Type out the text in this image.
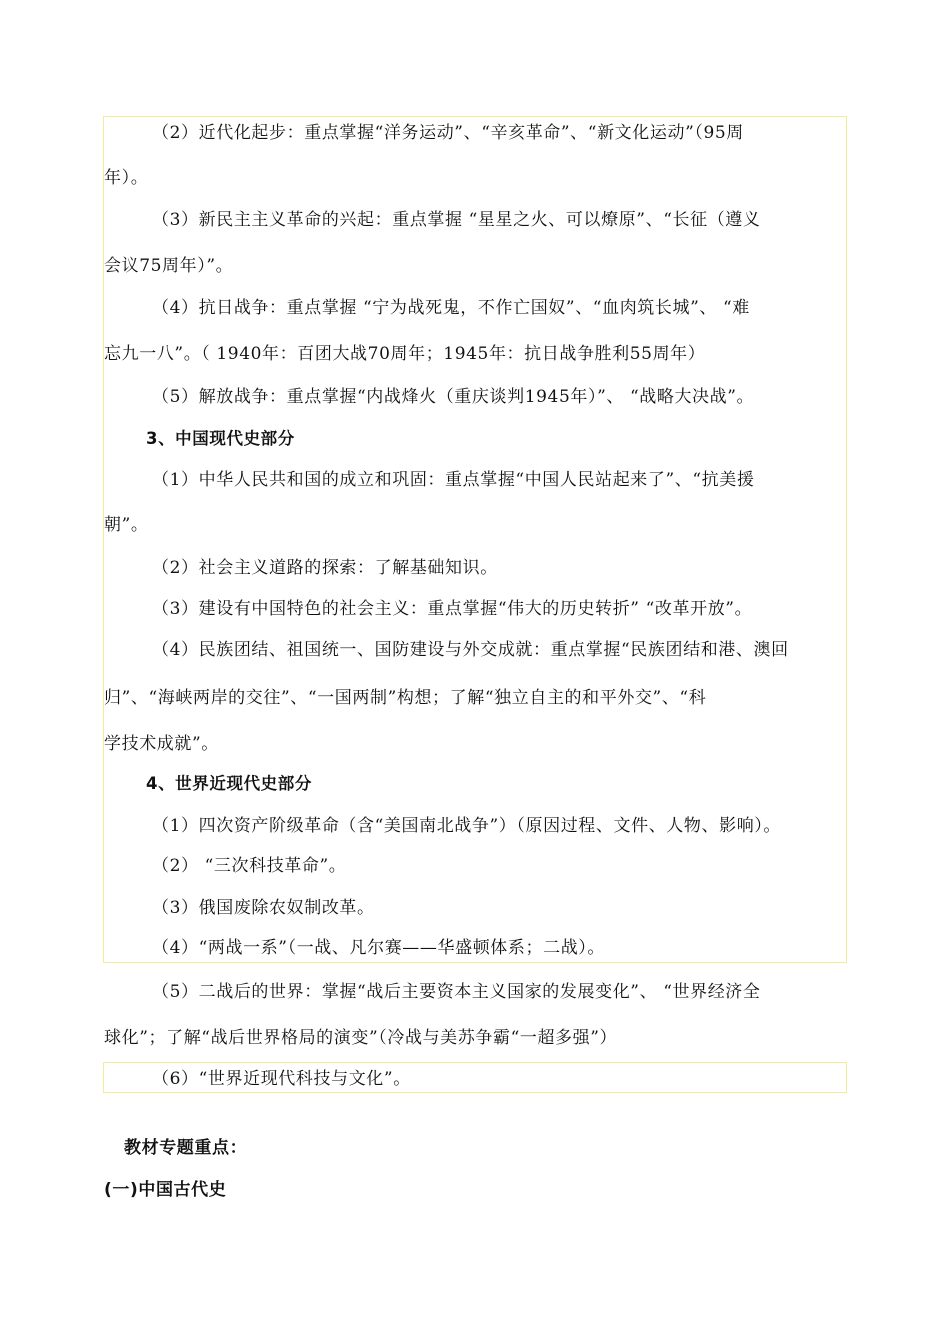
（2）近代化起步：重点掌握“洋务运动”、“辛亥革命”、“新文化运动”（95周
年）。
（3）新民主主义革命的兴起：重点掌握 “星星之火、可以燎原”、“长征（遵义
会议75周年）”。
（4）抗日战争：重点掌握 “宁为战死鬼，不作亡国奴”、“血肉筑长城”、 “难
忘九一八”。（ 1940年：百团大战70周年；1945年：抗日战争胜利55周年）
（5）解放战争：重点掌握“内战烽火（重庆谈判1945年）”、 “战略大决战”。
3、中国现代史部分
（1）中华人民共和国的成立和巩固：重点掌握“中国人民站起来了”、“抗美援
朝”。
（2）社会主义道路的探索：了解基础知识。
（3）建设有中国特色的社会主义：重点掌握“伟大的历史转折” “改革开放”。
（4）民族团结、祖国统一、国防建设与外交成就：重点掌握“民族团结和港、澳回
归”、“海峡两岸的交往”、“一国两制”构想；了解“独立自主的和平外交”、“科
学技术成就”。
4、世界近现代史部分
（1）四次资产阶级革命（含“美国南北战争”）（原因过程、文件、人物、影响）。
（2） “三次科技革命”。
（3）俄国废除农奴制改革。
（4）“两战一系”（一战、凡尔赛——华盛顿体系；二战）。
（5）二战后的世界：掌握“战后主要资本主义国家的发展变化”、 “世界经济全
球化”；了解“战后世界格局的演变”（冷战与美苏争霸“一超多强”）
（6）“世界近现代科技与文化”。
教材专题重点：
(一)中国古代史
